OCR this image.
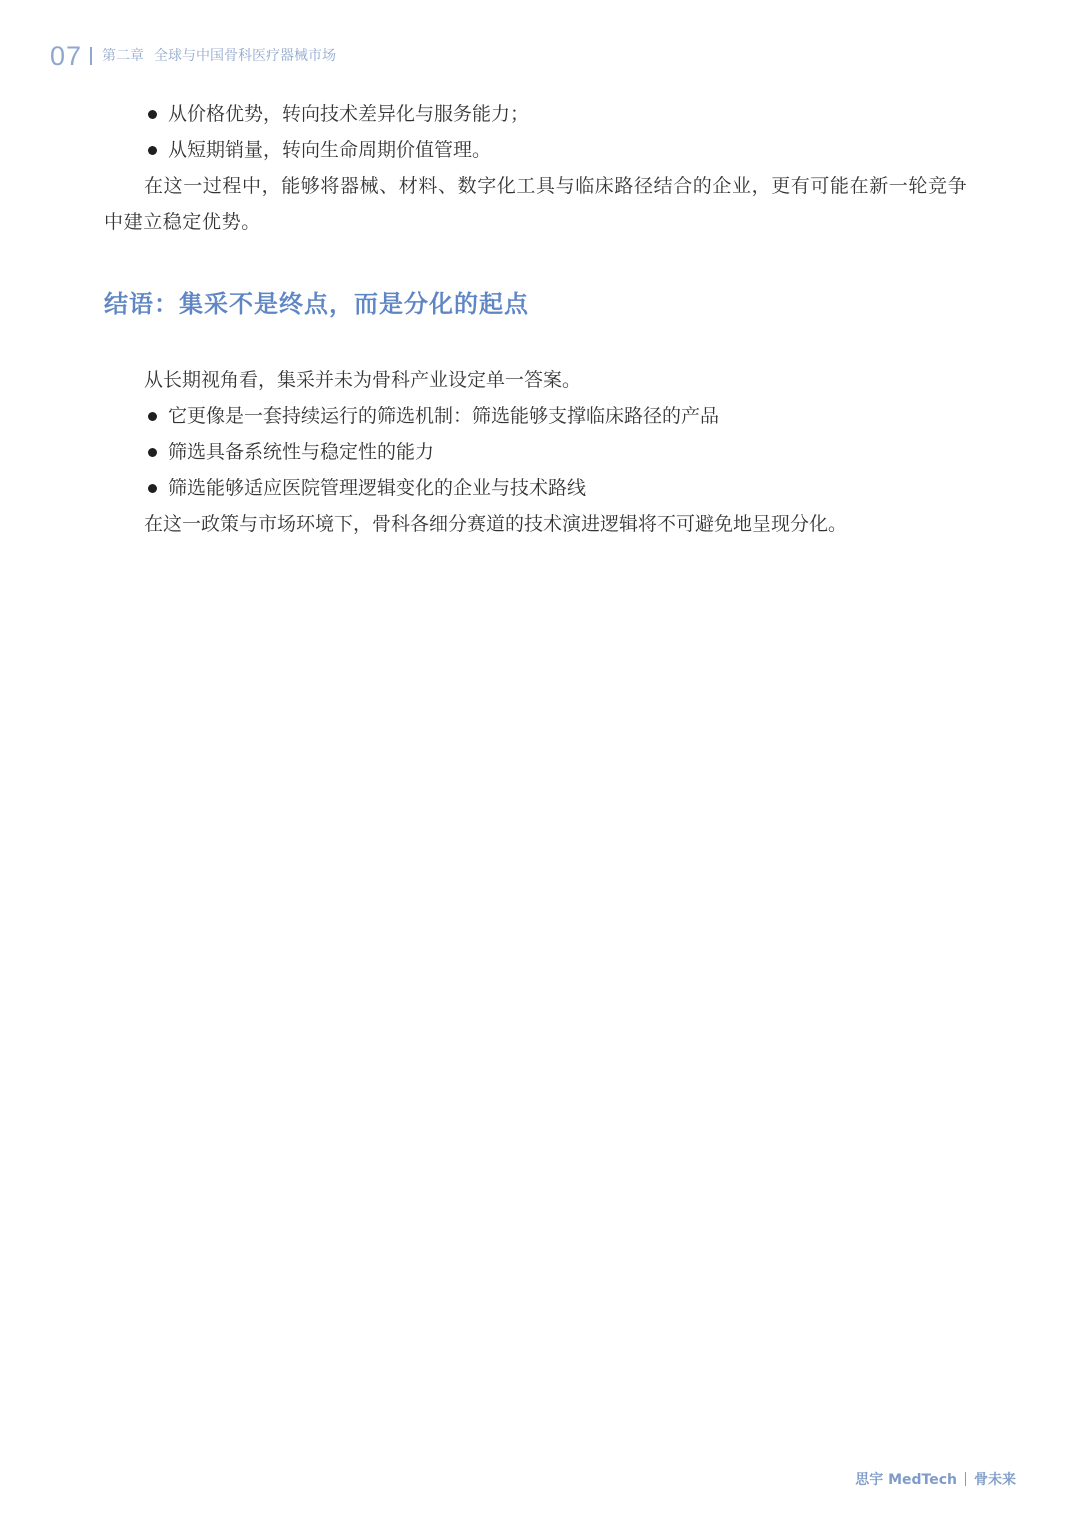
07 第二章 全球与中国骨科医疗器械市场
从价格优势，转向技术差异化与服务能力；
从短期销量，转向生命周期价值管理。
在这一过程中，能够将器械、材料、数字化工具与临床路径结合的企业，更有可能在新一轮竞争中建立稳定优势。
结语：集采不是终点，而是分化的起点
从长期视角看，集采并未为骨科产业设定单一答案。
它更像是一套持续运行的筛选机制：筛选能够支撑临床路径的产品
筛选具备系统性与稳定性的能力
筛选能够适应医院管理逻辑变化的企业与技术路线
在这一政策与市场环境下，骨科各细分赛道的技术演进逻辑将不可避免地呈现分化。
思宇 MedTech 骨未来
